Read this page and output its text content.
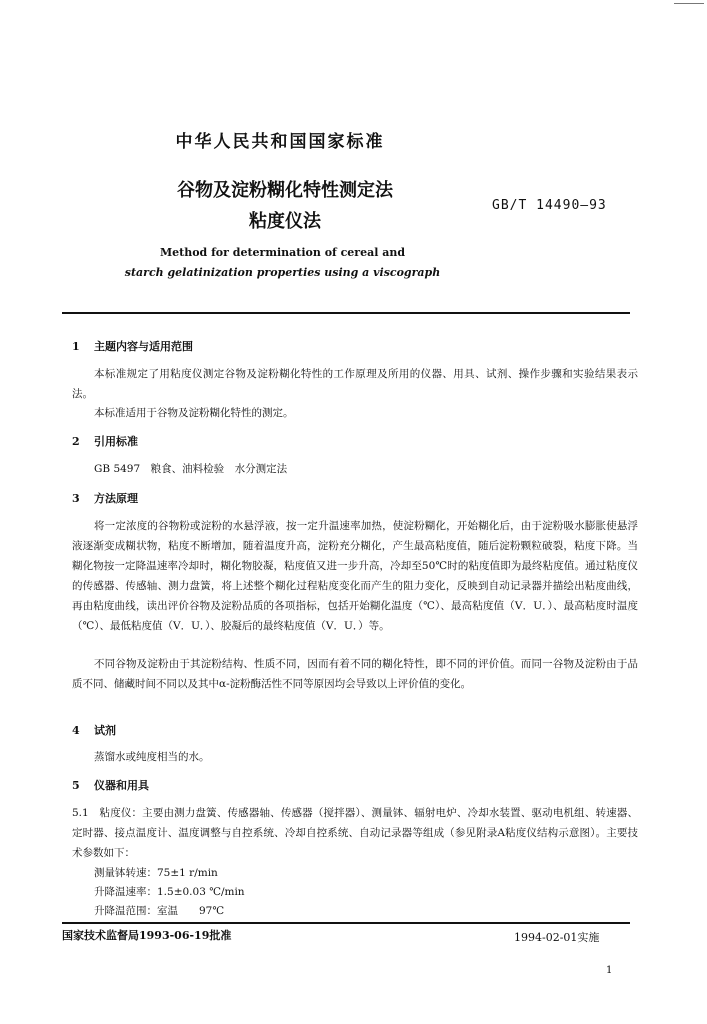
中华人民共和国国家标准
谷物及淀粉糊化特性测定法
粘度仪法
GB/T 14490—93
Method for determination of cereal and
starch gelatinization properties using a viscograph
1 主题内容与适用范围
本标准规定了用粘度仪测定谷物及淀粉糊化特性的工作原理及所用的仪器、用具、试剂、操作步骤和实验结果表示法。
本标准适用于谷物及淀粉糊化特性的测定。
2 引用标准
GB 5497　粮食、油料检验　水分测定法
3 方法原理
将一定浓度的谷物粉或淀粉的水悬浮液，按一定升温速率加热，使淀粉糊化，开始糊化后，由于淀粉吸水膨胀使悬浮液逐渐变成糊状物，粘度不断增加，随着温度升高，淀粉充分糊化，产生最高粘度值，随后淀粉颗粒破裂，粘度下降。当糊化物按一定降温速率冷却时，糊化物胶凝，粘度值又进一步升高，冷却至50℃时的粘度值即为最终粘度值。通过粘度仪的传感器、传感轴、测力盘簧，将上述整个糊化过程粘度变化而产生的阻力变化，反映到自动记录器并描绘出粘度曲线，再由粘度曲线，读出评价谷物及淀粉品质的各项指标，包括开始糊化温度（℃）、最高粘度值（V．U．）、最高粘度时温度（℃）、最低粘度值（V．U．）、胶凝后的最终粘度值（V．U．）等。
不同谷物及淀粉由于其淀粉结构、性质不同，因而有着不同的糊化特性，即不同的评价值。而同一谷物及淀粉由于品质不同、储藏时间不同以及其中α-淀粉酶活性不同等原因均会导致以上评价值的变化。
4 试剂
蒸馏水或纯度相当的水。
5 仪器和用具
5.1　粘度仪：主要由测力盘簧、传感器轴、传感器（搅拌器）、测量钵、辐射电炉、冷却水装置、驱动电机组、转速器、定时器、接点温度计、温度调整与自控系统、冷却自控系统、自动记录器等组成（参见附录A粘度仪结构示意图）。主要技术参数如下：
测量钵转速：75±1 r/min
升降温速率：1.5±0.03 ℃/min
升降温范围：室温　　97℃
国家技术监督局1993-06-19批准	1994-02-01实施
1
